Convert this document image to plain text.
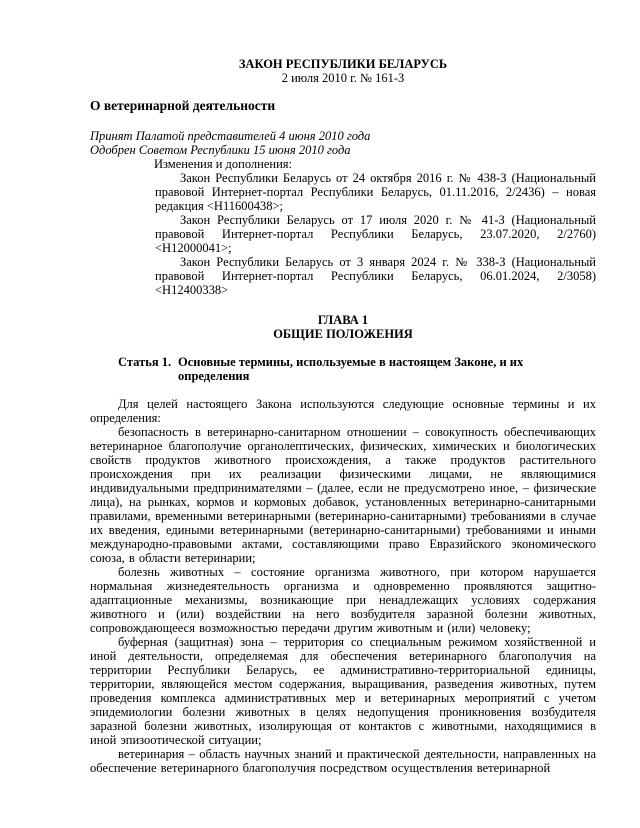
ЗАКОН РЕСПУБЛИКИ БЕЛАРУСЬ
2 июля 2010 г. № 161-З
О ветеринарной деятельности
Принят Палатой представителей 4 июня 2010 года
Одобрен Советом Республики 15 июня 2010 года
Изменения и дополнения:
Закон Республики Беларусь от 24 октября 2016 г. № 438-З (Национальный правовой Интернет-портал Республики Беларусь, 01.11.2016, 2/2436) – новая редакция <H11600438>;
Закон Республики Беларусь от 17 июля 2020 г. № 41-З (Национальный правовой Интернет-портал Республики Беларусь, 23.07.2020, 2/2760) <H12000041>;
Закон Республики Беларусь от 3 января 2024 г. № 338-З (Национальный правовой Интернет-портал Республики Беларусь, 06.01.2024, 2/3058) <H12400338>
ГЛАВА 1
ОБЩИЕ ПОЛОЖЕНИЯ
Статья 1. Основные термины, используемые в настоящем Законе, и их определения
Для целей настоящего Закона используются следующие основные термины и их определения:
безопасность в ветеринарно-санитарном отношении – совокупность обеспечивающих ветеринарное благополучие органолептических, физических, химических и биологических свойств продуктов животного происхождения, а также продуктов растительного происхождения при их реализации физическими лицами, не являющимися индивидуальными предпринимателями – (далее, если не предусмотрено иное, – физические лица), на рынках, кормов и кормовых добавок, установленных ветеринарно-санитарными правилами, временными ветеринарными (ветеринарно-санитарными) требованиями в случае их введения, едиными ветеринарными (ветеринарно-санитарными) требованиями и иными международно-правовыми актами, составляющими право Евразийского экономического союза, в области ветеринарии;
болезнь животных – состояние организма животного, при котором нарушается нормальная жизнедеятельность организма и одновременно проявляются защитно-адаптационные механизмы, возникающие при ненадлежащих условиях содержания животного и (или) воздействии на него возбудителя заразной болезни животных, сопровождающееся возможностью передачи другим животным и (или) человеку;
буферная (защитная) зона – территория со специальным режимом хозяйственной и иной деятельности, определяемая для обеспечения ветеринарного благополучия на территории Республики Беларусь, ее административно-территориальной единицы, территории, являющейся местом содержания, выращивания, разведения животных, путем проведения комплекса административных мер и ветеринарных мероприятий с учетом эпидемиологии болезни животных в целях недопущения проникновения возбудителя заразной болезни животных, изолирующая от контактов с животными, находящимися в иной эпизоотической ситуации;
ветеринария – область научных знаний и практической деятельности, направленных на обеспечение ветеринарного благополучия посредством осуществления ветеринарной
